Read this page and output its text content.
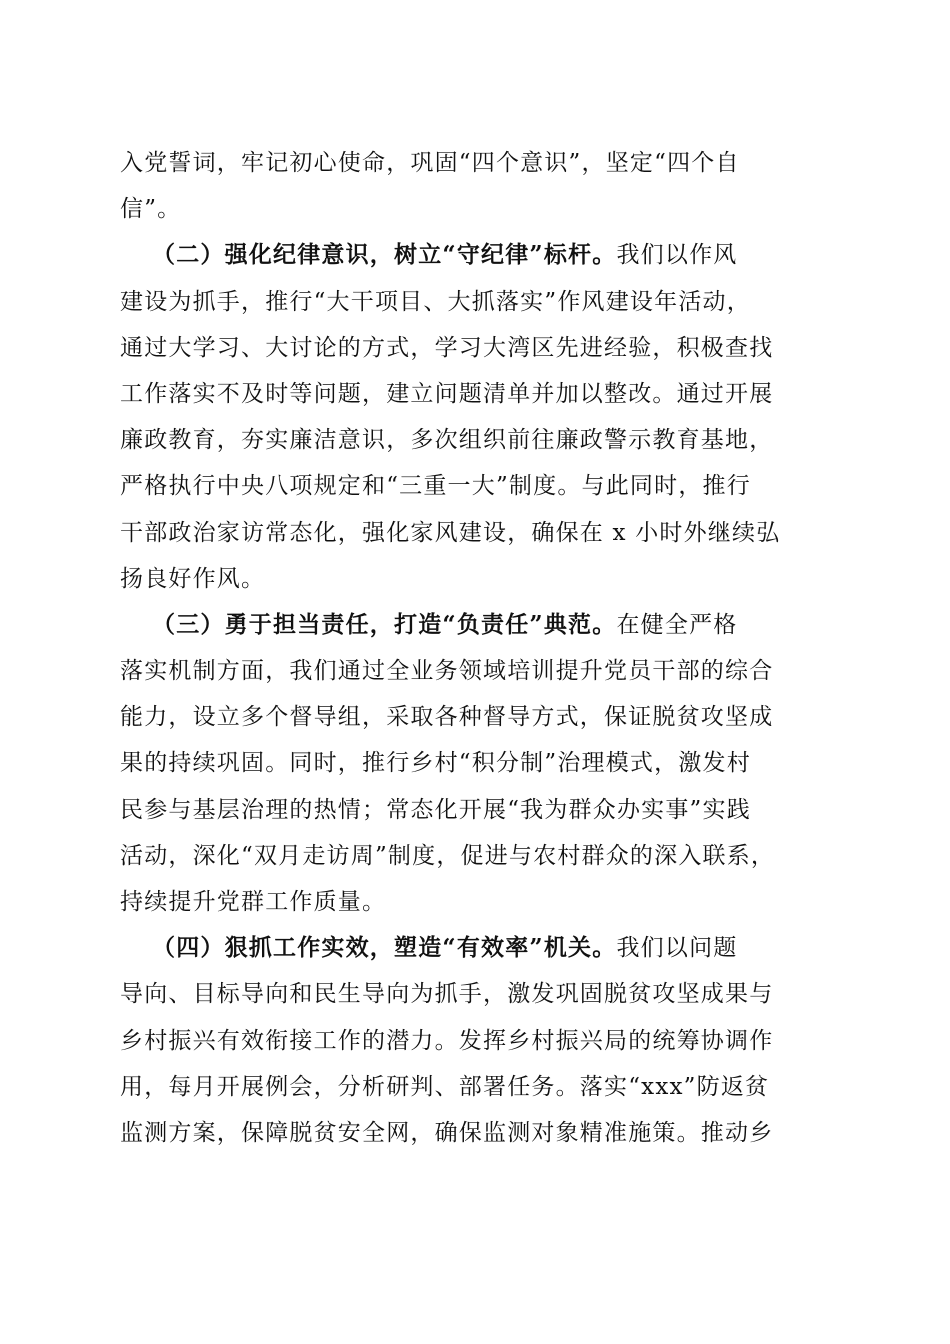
入党誓词，牢记初心使命，巩固“四个意识”，坚定“四个自
信”。
（二）强化纪律意识，树立“守纪律”标杆。我们以作风
建设为抓手，推行“大干项目、大抓落实”作风建设年活动，
通过大学习、大讨论的方式，学习大湾区先进经验，积极查找
工作落实不及时等问题，建立问题清单并加以整改。通过开展
廉政教育，夯实廉洁意识，多次组织前往廉政警示教育基地，
严格执行中央八项规定和“三重一大”制度。与此同时，推行
干部政治家访常态化，强化家风建设，确保在 x 小时外继续弘
扬良好作风。
（三）勇于担当责任，打造“负责任”典范。在健全严格
落实机制方面，我们通过全业务领域培训提升党员干部的综合
能力，设立多个督导组，采取各种督导方式，保证脱贫攻坚成
果的持续巩固。同时，推行乡村“积分制”治理模式，激发村
民参与基层治理的热情；常态化开展“我为群众办实事”实践
活动，深化“双月走访周”制度，促进与农村群众的深入联系，
持续提升党群工作质量。
（四）狠抓工作实效，塑造“有效率”机关。我们以问题
导向、目标导向和民生导向为抓手，激发巩固脱贫攻坚成果与
乡村振兴有效衔接工作的潜力。发挥乡村振兴局的统筹协调作
用，每月开展例会，分析研判、部署任务。落实“xxx”防返贫
监测方案，保障脱贫安全网，确保监测对象精准施策。推动乡
